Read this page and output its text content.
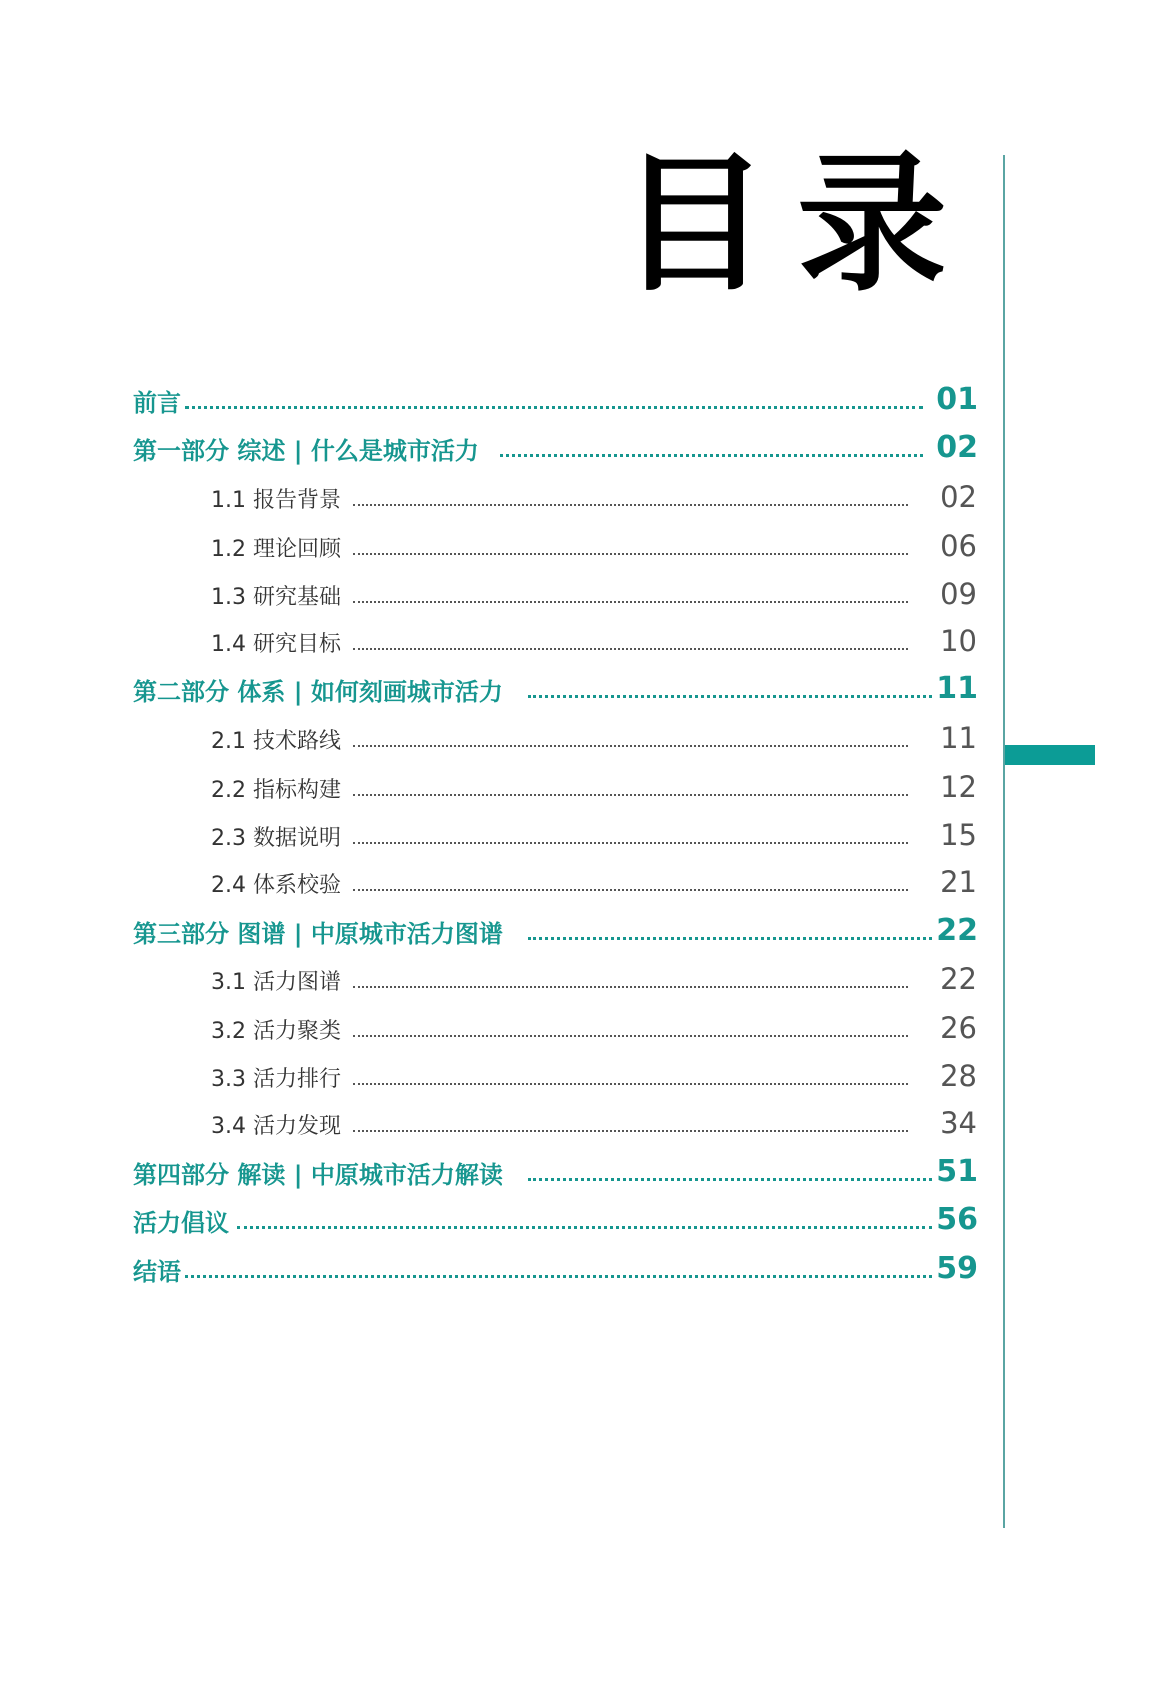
目录
前言	01
第一部分 综述 | 什么是城市活力	02
1.1 报告背景	02
1.2 理论回顾	06
1.3 研究基础	09
1.4 研究目标	10
第二部分 体系 | 如何刻画城市活力	11
2.1 技术路线	11
2.2 指标构建	12
2.3 数据说明	15
2.4 体系校验	21
第三部分 图谱 | 中原城市活力图谱	22
3.1 活力图谱	22
3.2 活力聚类	26
3.3 活力排行	28
3.4 活力发现	34
第四部分 解读 | 中原城市活力解读	51
活力倡议	56
结语	59
